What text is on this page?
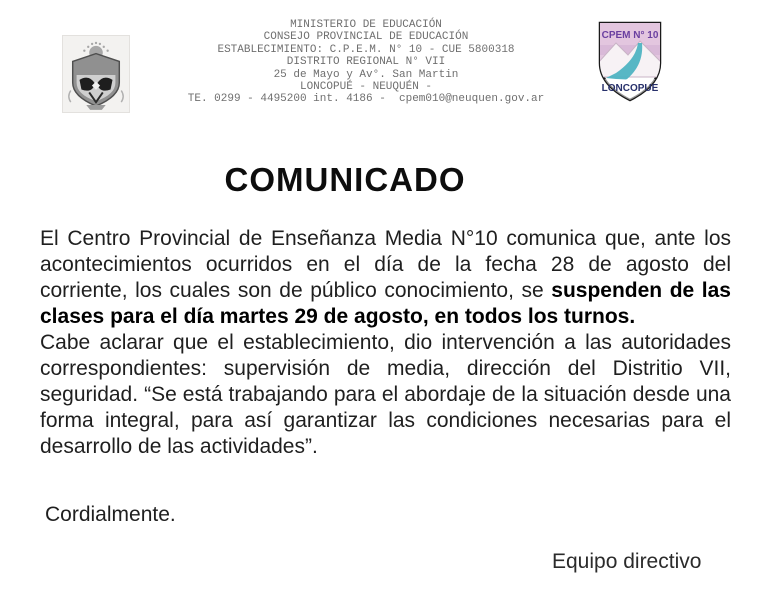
MINISTERIO DE EDUCACIÓN
CONSEJO PROVINCIAL DE EDUCACIÓN
ESTABLECIMIENTO: C.P.E.M. N° 10 - CUE 5800318
DISTRITO REGIONAL N° VII
25 de Mayo y Av°. San Martin
LONCOPUÉ - NEUQUÉN -
TE. 0299 - 4495200 int. 4186 -  cpem010@neuquen.gov.ar
CPEM N° 10
LONCOPUE
COMUNICADO

El Centro Provincial de Enseñanza Media N°10 comunica que, ante los acontecimientos ocurridos en el día de la fecha 28 de agosto del corriente, los cuales son de público conocimiento, se suspenden de las clases para el día martes 29 de agosto, en todos los turnos.

Cabe aclarar que el establecimiento, dio intervención a las autoridades correspondientes: supervisión de media, dirección del Distritio VII, seguridad. “Se está trabajando para el abordaje de la situación desde una forma integral, para así garantizar las condiciones necesarias para el desarrollo de las actividades”.

Cordialmente.
Equipo directivo
